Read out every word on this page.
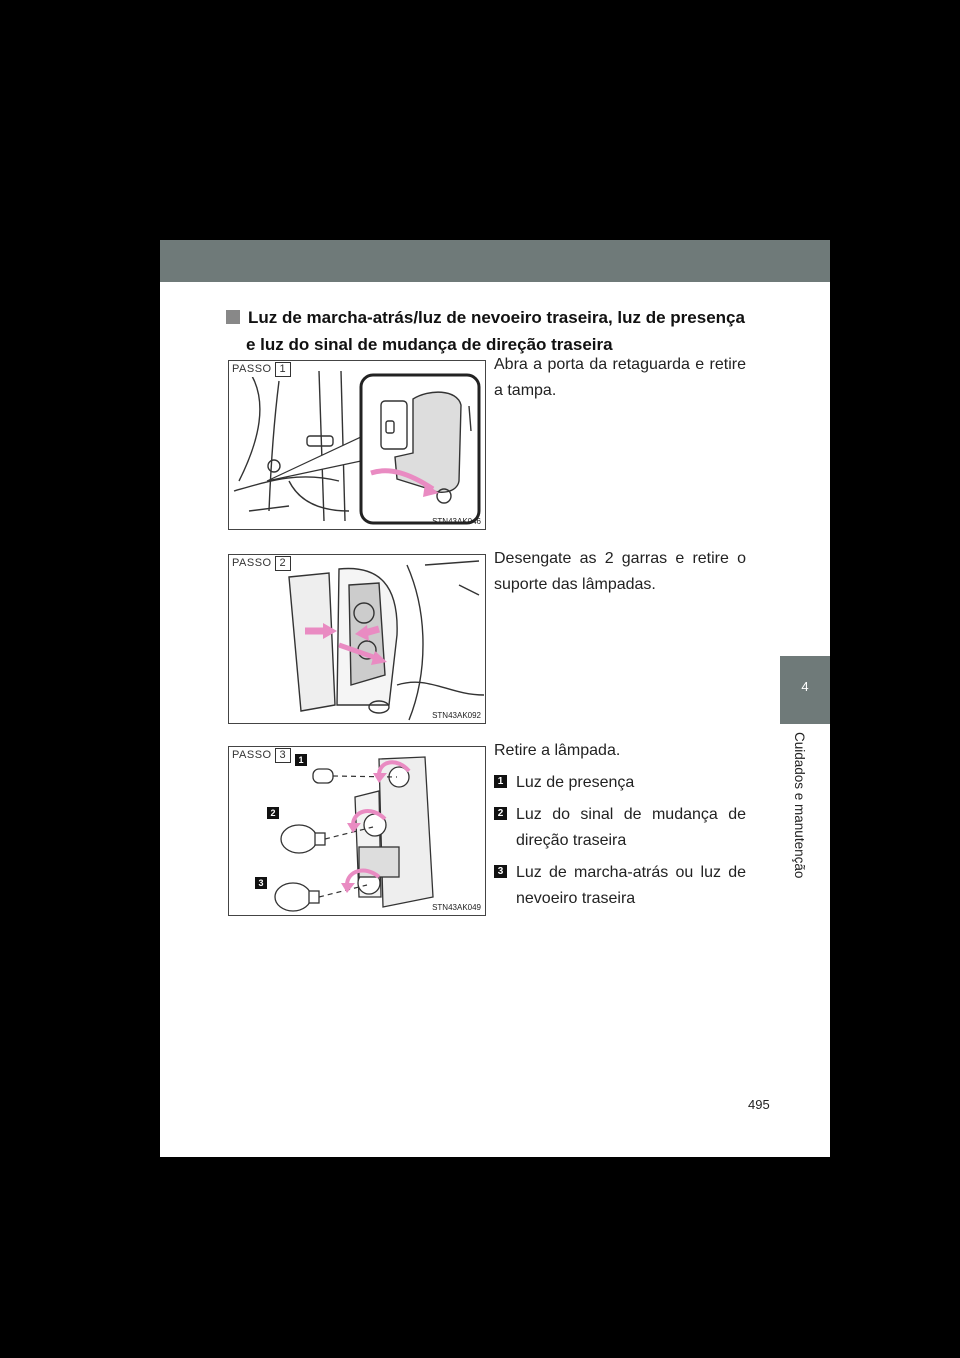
4
Cuidados e manutenção
Luz de marcha-atrás/luz de nevoeiro traseira, luz de presença
e luz do sinal de mudança de direção traseira
PASSO 1
STN43AK046
Abra a porta da retaguarda e retire a tampa.
PASSO 2
STN43AK092
Desengate as 2 garras e retire o suporte das lâmpadas.
PASSO 3	1
2
3
STN43AK049
Retire a lâmpada.
1 Luz de presença
2 Luz do sinal de mudança de direção traseira
3 Luz de marcha-atrás ou luz de nevoeiro traseira
495
